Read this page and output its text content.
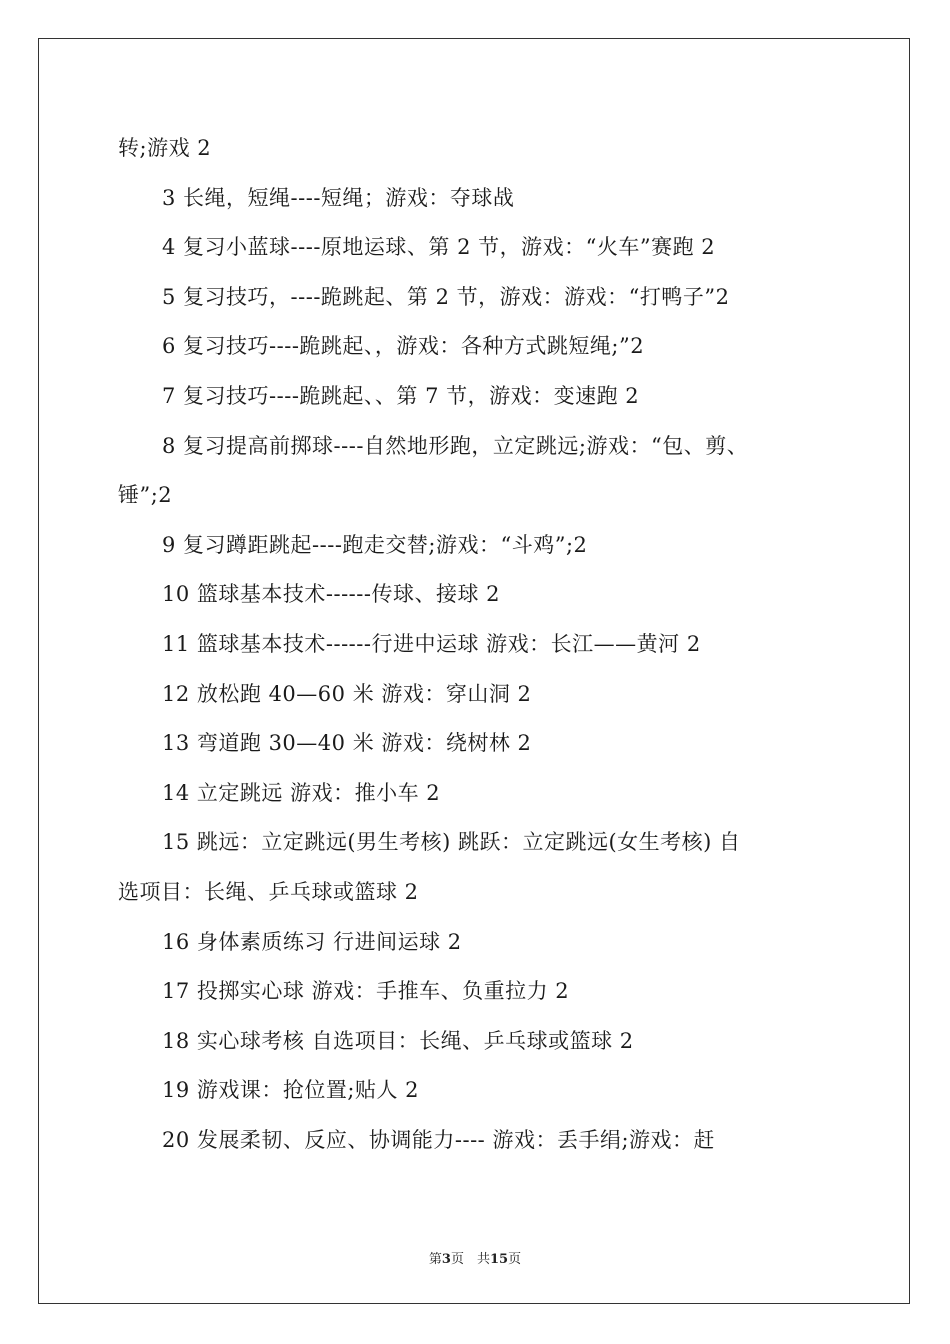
转;游戏 2
3 长绳，短绳----短绳；游戏：夺球战
4 复习小蓝球----原地运球、第 2 节，游戏：“火车”赛跑 2
5 复习技巧，----跪跳起、第 2 节，游戏：游戏：“打鸭子”2
6 复习技巧----跪跳起、，游戏：各种方式跳短绳;”2
7 复习技巧----跪跳起、、第 7 节，游戏：变速跑 2
8 复习提高前掷球----自然地形跑，立定跳远;游戏：“包、剪、
锤”;2
9 复习蹲距跳起----跑走交替;游戏：“斗鸡”;2
10 篮球基本技术------传球、接球 2
11 篮球基本技术------行进中运球 游戏：长江——黄河 2
12 放松跑 40—60 米 游戏：穿山洞 2
13 弯道跑 30—40 米 游戏：绕树林 2
14 立定跳远 游戏：推小车 2
15 跳远：立定跳远(男生考核) 跳跃：立定跳远(女生考核) 自
选项目：长绳、乒乓球或篮球 2
16 身体素质练习 行进间运球 2
17 投掷实心球 游戏：手推车、负重拉力 2
18 实心球考核 自选项目：长绳、乒乓球或篮球 2
19 游戏课：抢位置;贴人 2
20 发展柔韧、反应、协调能力---- 游戏：丢手绢;游戏：赶
第3页　共15页
